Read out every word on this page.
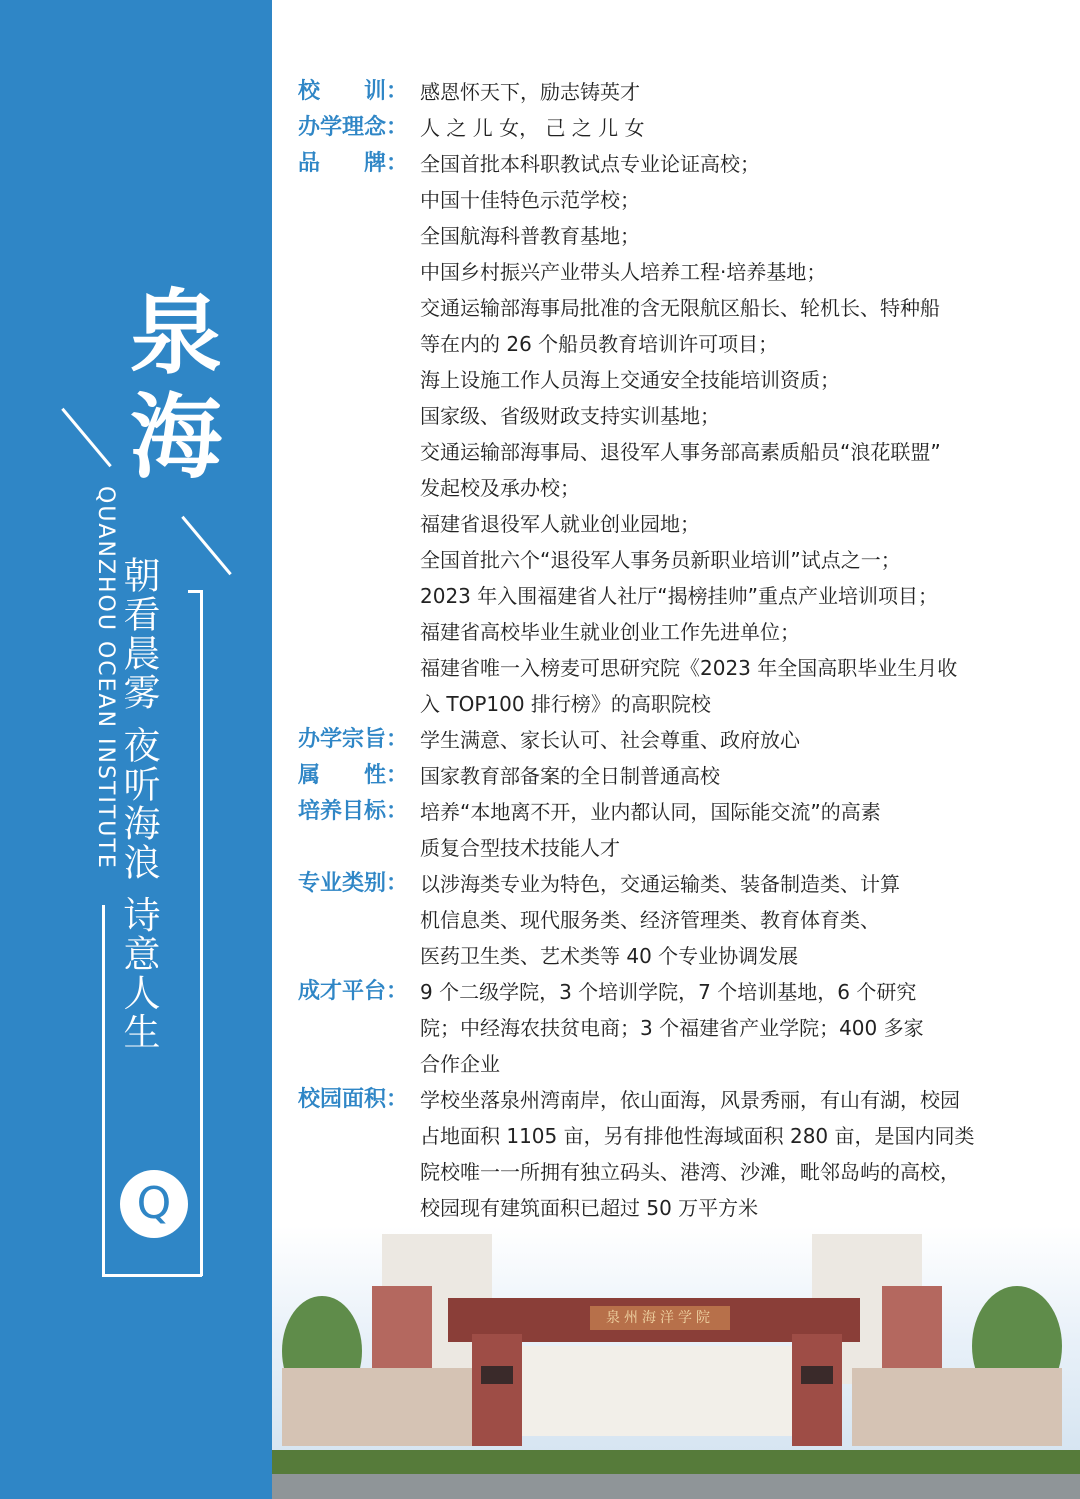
泉
海
QUANZHOU OCEAN INSTITUTE 朝看晨雾 夜听海浪 诗意人生
Q
校　　训： 感恩怀天下，励志铸英才
办学理念： 人 之 儿 女， 己 之 儿 女
品　　牌： 全国首批本科职教试点专业论证高校；
中国十佳特色示范学校；
全国航海科普教育基地；
中国乡村振兴产业带头人培养工程·培养基地；
交通运输部海事局批准的含无限航区船长、轮机长、特种船
等在内的 26 个船员教育培训许可项目；
海上设施工作人员海上交通安全技能培训资质；
国家级、省级财政支持实训基地；
交通运输部海事局、退役军人事务部高素质船员“浪花联盟”
发起校及承办校；
福建省退役军人就业创业园地；
全国首批六个“退役军人事务员新职业培训”试点之一；
2023 年入围福建省人社厅“揭榜挂帅”重点产业培训项目；
福建省高校毕业生就业创业工作先进单位；
福建省唯一入榜麦可思研究院《2023 年全国高职毕业生月收
入 TOP100 排行榜》的高职院校
办学宗旨： 学生满意、家长认可、社会尊重、政府放心
属　　性： 国家教育部备案的全日制普通高校
培养目标： 培养“本地离不开，业内都认同，国际能交流”的高素
质复合型技术技能人才
专业类别： 以涉海类专业为特色，交通运输类、装备制造类、计算
机信息类、现代服务类、经济管理类、教育体育类、
医药卫生类、艺术类等 40 个专业协调发展
成才平台： 9 个二级学院，3 个培训学院，7 个培训基地，6 个研究
院；中经海农扶贫电商；3 个福建省产业学院；400 多家
合作企业
校园面积： 学校坐落泉州湾南岸，依山面海，风景秀丽，有山有湖，校园
占地面积 1105 亩，另有排他性海域面积 280 亩，是国内同类
院校唯一一所拥有独立码头、港湾、沙滩，毗邻岛屿的高校，
校园现有建筑面积已超过 50 万平方米
泉州海洋学院
